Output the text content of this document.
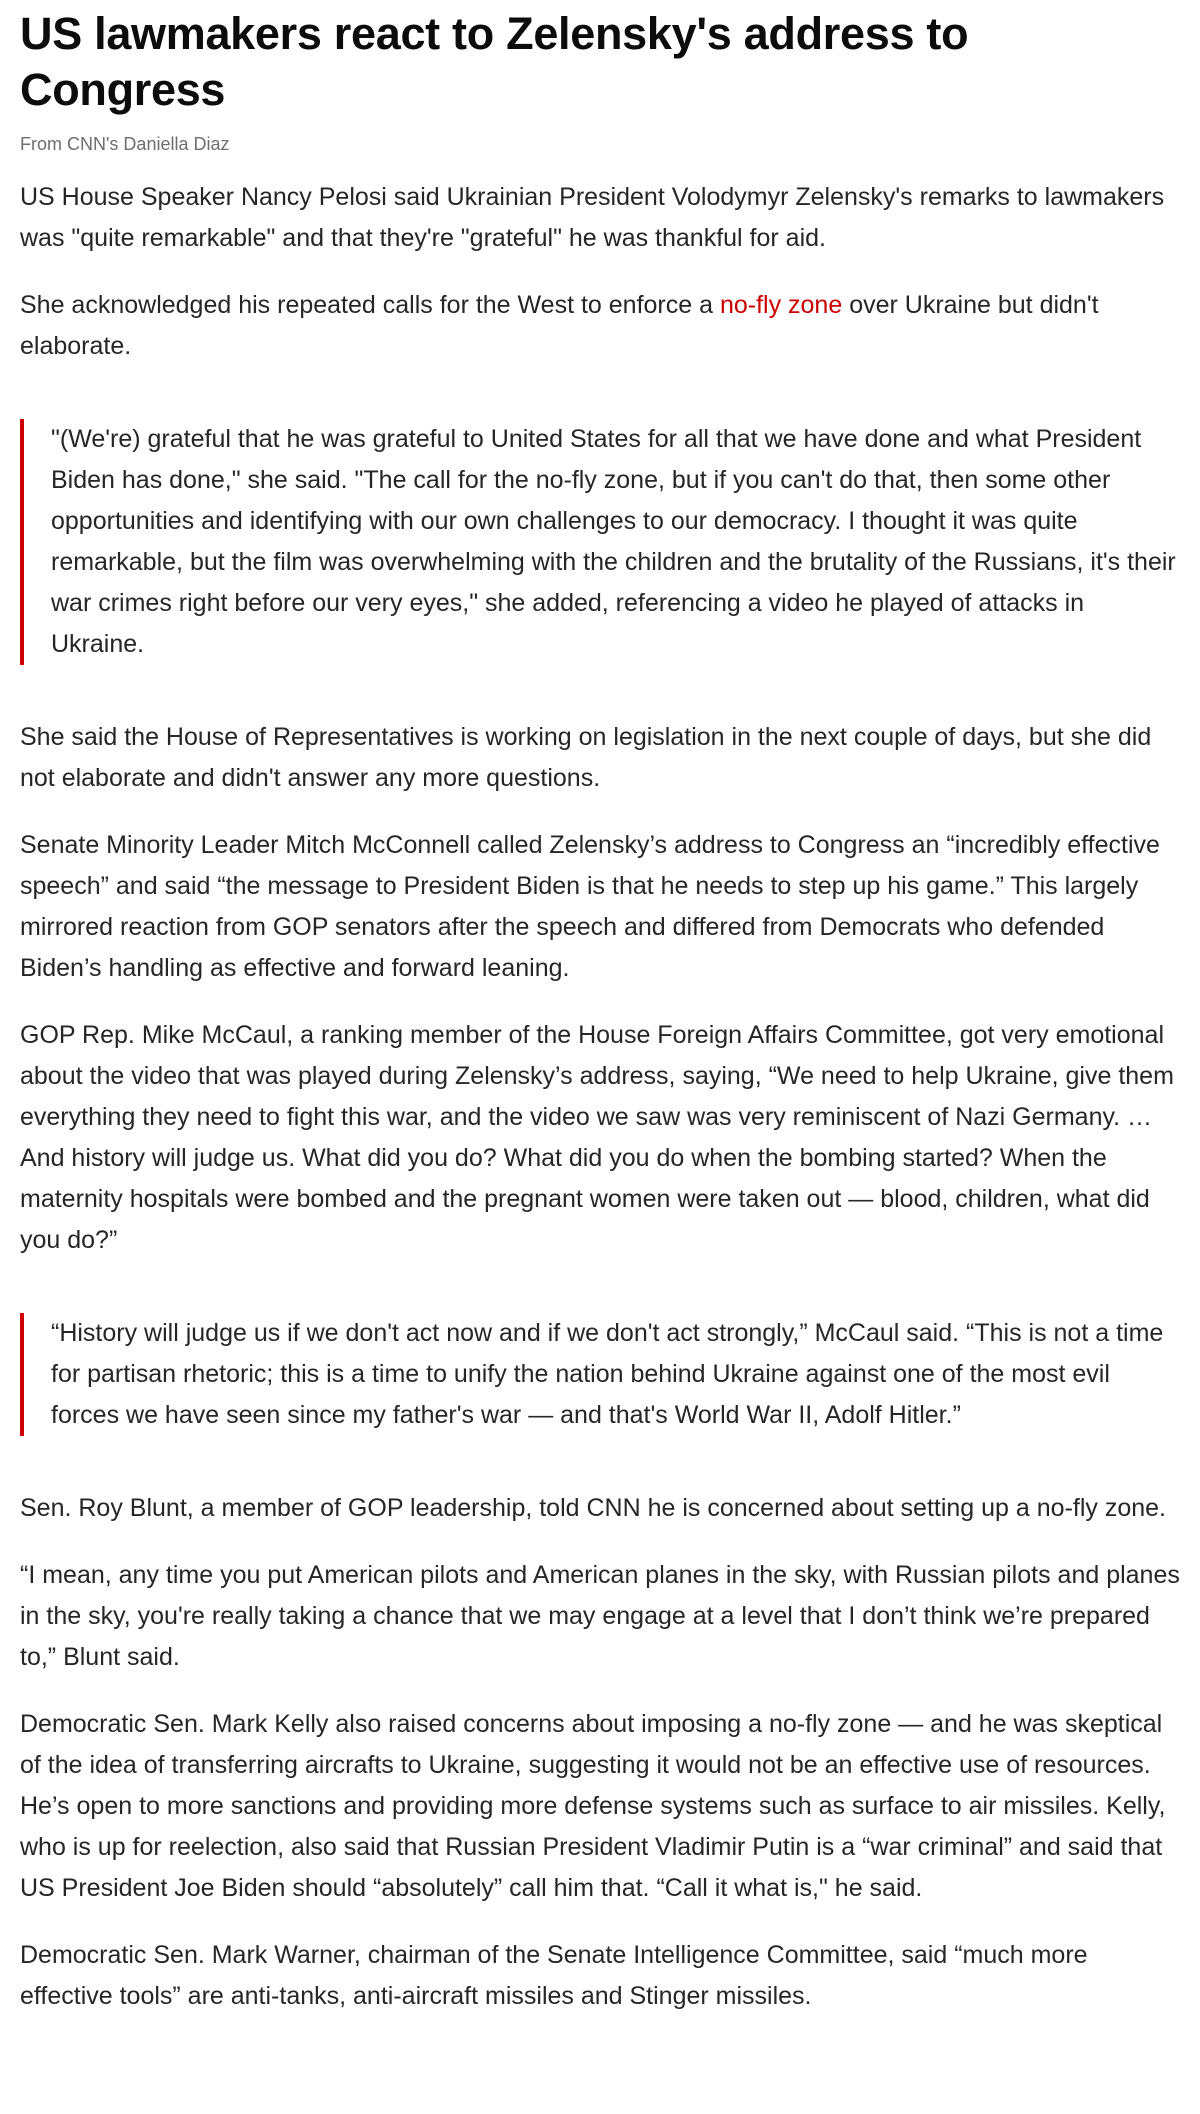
US lawmakers react to Zelensky's address to Congress

From CNN's Daniella Diaz

US House Speaker Nancy Pelosi said Ukrainian President Volodymyr Zelensky's remarks to lawmakers was "quite remarkable" and that they're "grateful" he was thankful for aid.

She acknowledged his repeated calls for the West to enforce a no-fly zone over Ukraine but didn't elaborate.

"(We're) grateful that he was grateful to United States for all that we have done and what President Biden has done," she said. "The call for the no-fly zone, but if you can't do that, then some other opportunities and identifying with our own challenges to our democracy. I thought it was quite remarkable, but the film was overwhelming with the children and the brutality of the Russians, it's their war crimes right before our very eyes," she added, referencing a video he played of attacks in Ukraine.

She said the House of Representatives is working on legislation in the next couple of days, but she did not elaborate and didn't answer any more questions.

Senate Minority Leader Mitch McConnell called Zelensky’s address to Congress an “incredibly effective speech” and said “the message to President Biden is that he needs to step up his game.” This largely mirrored reaction from GOP senators after the speech and differed from Democrats who defended Biden’s handling as effective and forward leaning.

GOP Rep. Mike McCaul, a ranking member of the House Foreign Affairs Committee, got very emotional about the video that was played during Zelensky’s address, saying, “We need to help Ukraine, give them everything they need to fight this war, and the video we saw was very reminiscent of Nazi Germany. … And history will judge us. What did you do? What did you do when the bombing started? When the maternity hospitals were bombed and the pregnant women were taken out — blood, children, what did you do?”

“History will judge us if we don't act now and if we don't act strongly,” McCaul said. “This is not a time for partisan rhetoric; this is a time to unify the nation behind Ukraine against one of the most evil forces we have seen since my father's war — and that's World War II, Adolf Hitler.”

Sen. Roy Blunt, a member of GOP leadership, told CNN he is concerned about setting up a no-fly zone.

“I mean, any time you put American pilots and American planes in the sky, with Russian pilots and planes in the sky, you're really taking a chance that we may engage at a level that I don’t think we’re prepared to,” Blunt said.

Democratic Sen. Mark Kelly also raised concerns about imposing a no-fly zone — and he was skeptical of the idea of transferring aircrafts to Ukraine, suggesting it would not be an effective use of resources. He’s open to more sanctions and providing more defense systems such as surface to air missiles. Kelly, who is up for reelection, also said that Russian President Vladimir Putin is a “war criminal” and said that US President Joe Biden should “absolutely” call him that. “Call it what is," he said.

Democratic Sen. Mark Warner, chairman of the Senate Intelligence Committee, said “much more effective tools” are anti-tanks, anti-aircraft missiles and Stinger missiles.
